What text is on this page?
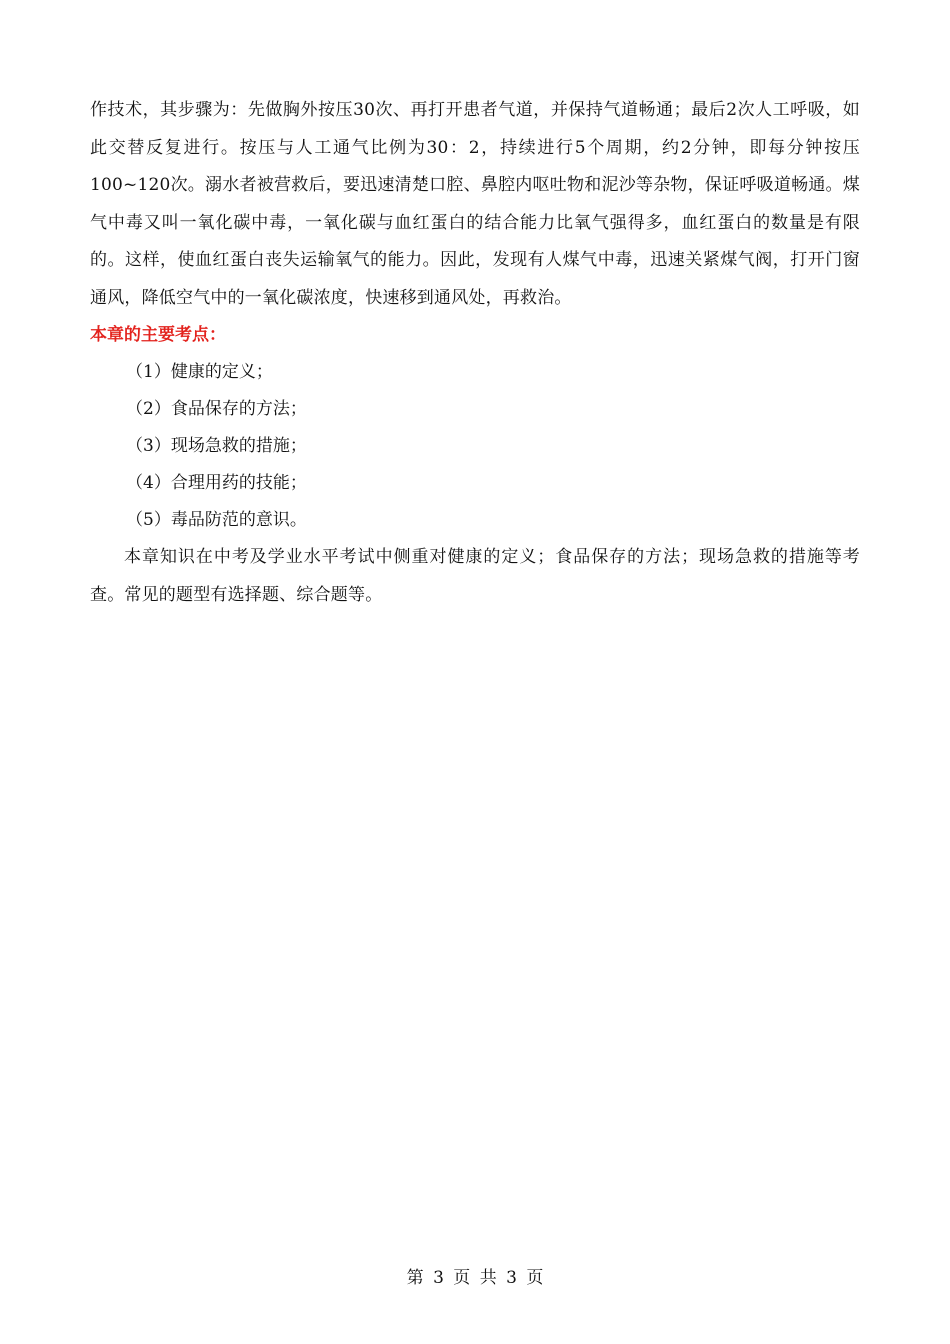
作技术，其步骤为：先做胸外按压30次、再打开患者气道，并保持气道畅通；最后2次人工呼吸，如此交替反复进行。按压与人工通气比例为30：2，持续进行5个周期，约2分钟，即每分钟按压100~120次。溺水者被营救后，要迅速清楚口腔、鼻腔内呕吐物和泥沙等杂物，保证呼吸道畅通。煤气中毒又叫一氧化碳中毒，一氧化碳与血红蛋白的结合能力比氧气强得多，血红蛋白的数量是有限的。这样，使血红蛋白丧失运输氧气的能力。因此，发现有人煤气中毒，迅速关紧煤气阀，打开门窗通风，降低空气中的一氧化碳浓度，快速移到通风处，再救治。

本章的主要考点：

（1）健康的定义；
（2）食品保存的方法；
（3）现场急救的措施；
（4）合理用药的技能；
（5）毒品防范的意识。

本章知识在中考及学业水平考试中侧重对健康的定义；食品保存的方法；现场急救的措施等考查。常见的题型有选择题、综合题等。

第 3 页 共 3 页
